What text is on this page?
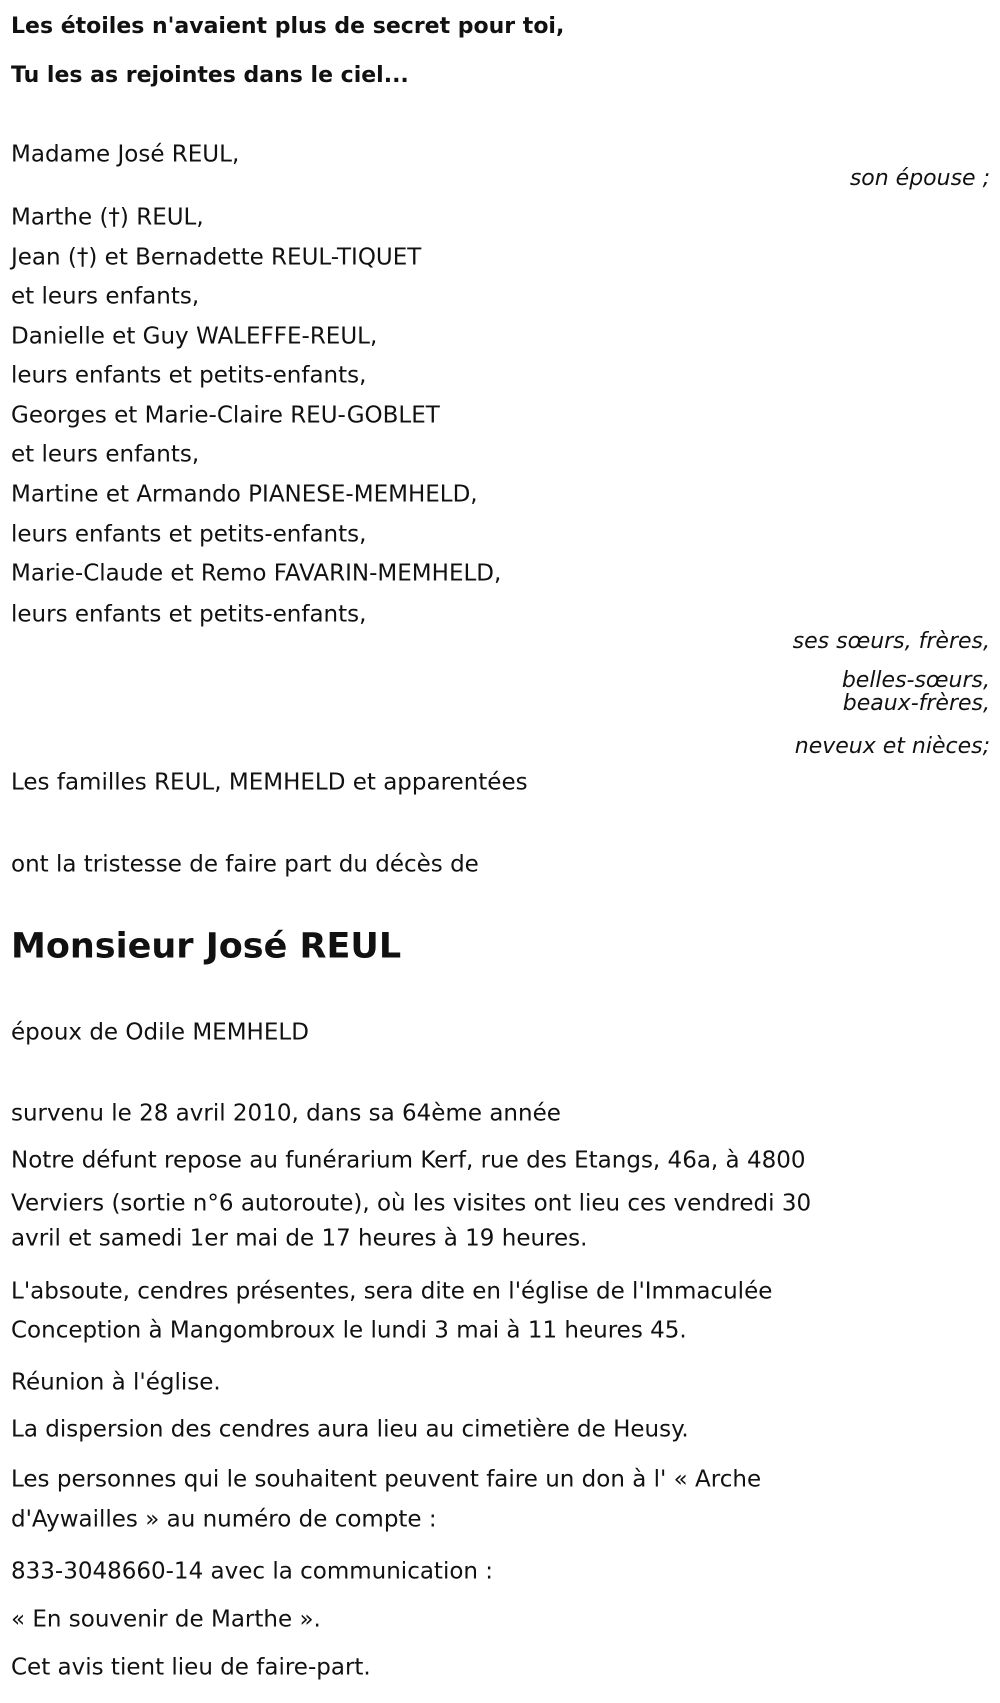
Les étoiles n'avaient plus de secret pour toi,
Tu les as rejointes dans le ciel...
Madame José REUL,
son épouse ;
Marthe (†) REUL,
Jean (†) et Bernadette REUL-TIQUET
et leurs enfants,
Danielle et Guy WALEFFE-REUL,
leurs enfants et petits-enfants,
Georges et Marie-Claire REU-GOBLET
et leurs enfants,
Martine et Armando PIANESE-MEMHELD,
leurs enfants et petits-enfants,
Marie-Claude et Remo FAVARIN-MEMHELD,
leurs enfants et petits-enfants,
ses sœurs, frères,
belles-sœurs,
beaux-frères,
neveux et nièces;
Les familles REUL, MEMHELD et apparentées
ont la tristesse de faire part du décès de
Monsieur José REUL
époux de Odile MEMHELD
survenu le 28 avril 2010, dans sa 64ème année
Notre défunt repose au funérarium Kerf, rue des Etangs, 46a, à 4800
Verviers (sortie n°6 autoroute), où les visites ont lieu ces vendredi 30
avril et samedi 1er mai de 17 heures à 19 heures.
L'absoute, cendres présentes, sera dite en l'église de l'Immaculée
Conception à Mangombroux le lundi 3 mai à 11 heures 45.
Réunion à l'église.
La dispersion des cendres aura lieu au cimetière de Heusy.
Les personnes qui le souhaitent peuvent faire un don à l' « Arche
d'Aywailles » au numéro de compte :
833-3048660-14 avec la communication :
« En souvenir de Marthe ».
Cet avis tient lieu de faire-part.
